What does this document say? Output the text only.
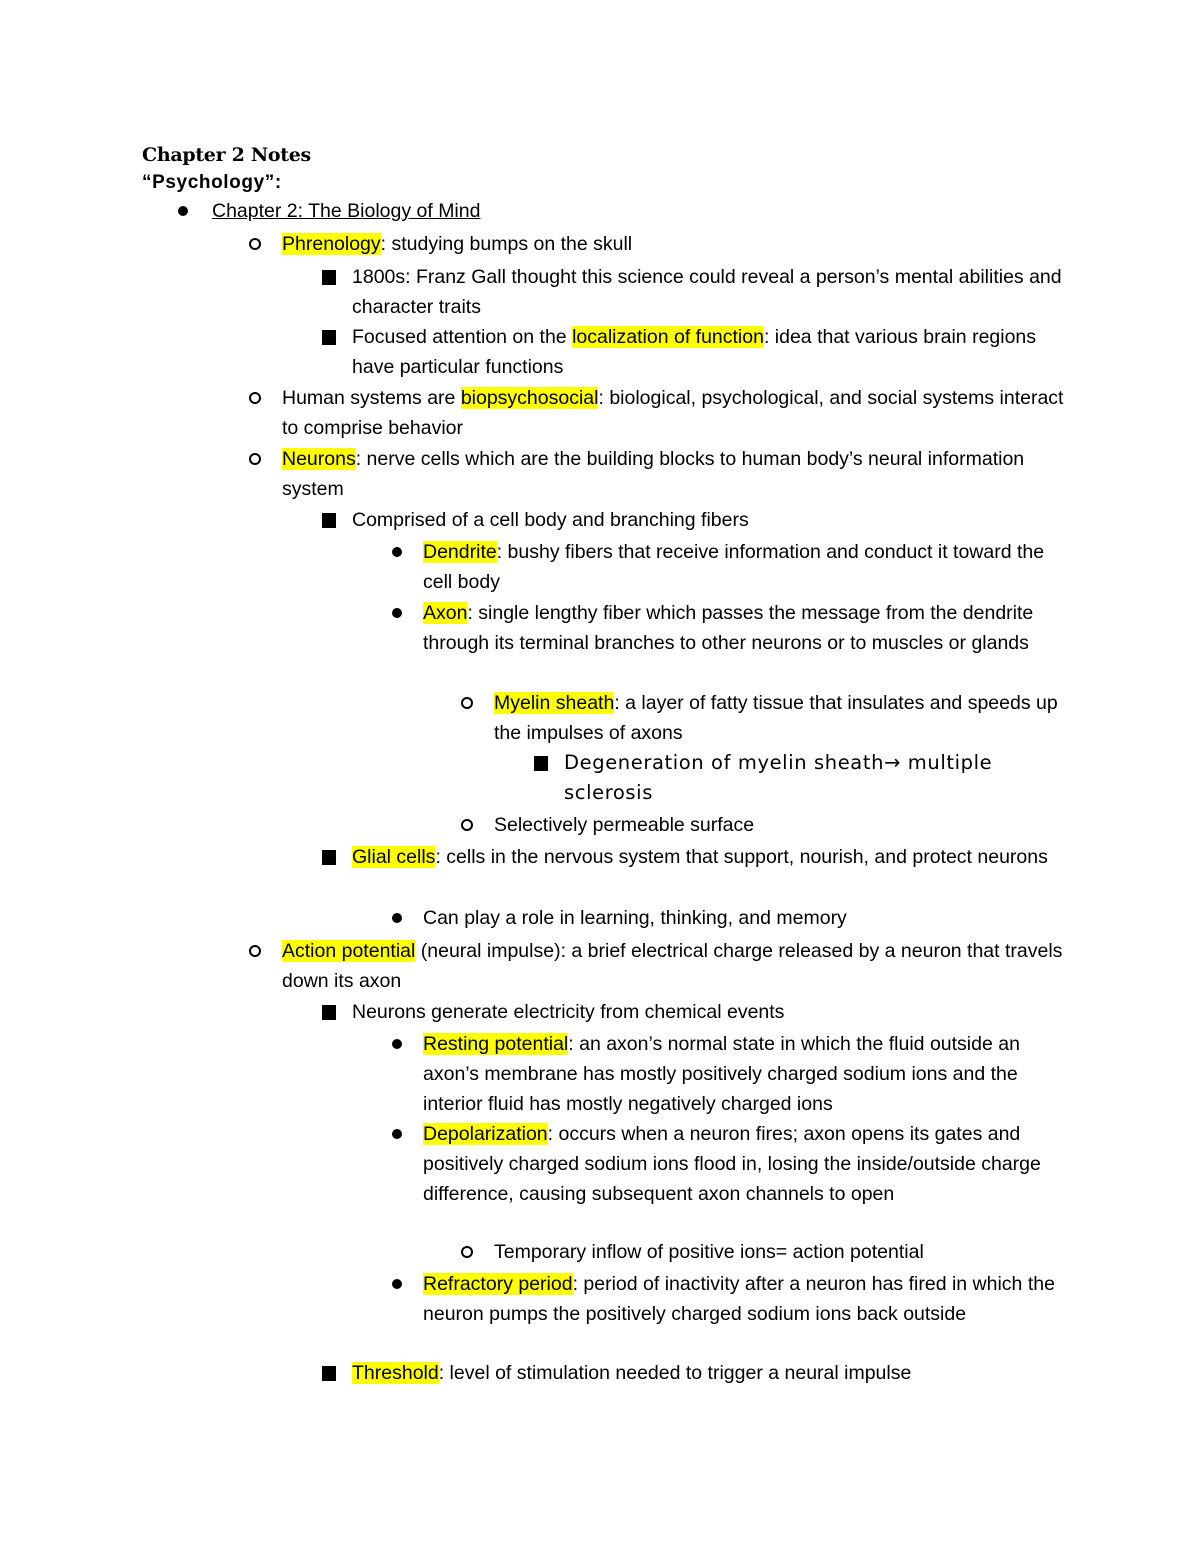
Chapter 2 Notes
“Psychology”:
Chapter 2: The Biology of Mind
Phrenology: studying bumps on the skull
1800s: Franz Gall thought this science could reveal a person’s mental abilities and character traits
Focused attention on the localization of function: idea that various brain regions have particular functions
Human systems are biopsychosocial: biological, psychological, and social systems interact to comprise behavior
Neurons: nerve cells which are the building blocks to human body’s neural information system
Comprised of a cell body and branching fibers
Dendrite: bushy fibers that receive information and conduct it toward the cell body
Axon: single lengthy fiber which passes the message from the dendrite through its terminal branches to other neurons or to muscles or glands
Myelin sheath: a layer of fatty tissue that insulates and speeds up the impulses of axons
Degeneration of myelin sheath→ multiple sclerosis
Selectively permeable surface
Glial cells: cells in the nervous system that support, nourish, and protect neurons
Can play a role in learning, thinking, and memory
Action potential (neural impulse): a brief electrical charge released by a neuron that travels down its axon
Neurons generate electricity from chemical events
Resting potential: an axon’s normal state in which the fluid outside an axon’s membrane has mostly positively charged sodium ions and the interior fluid has mostly negatively charged ions
Depolarization: occurs when a neuron fires; axon opens its gates and positively charged sodium ions flood in, losing the inside/outside charge difference, causing subsequent axon channels to open
Temporary inflow of positive ions= action potential
Refractory period: period of inactivity after a neuron has fired in which the neuron pumps the positively charged sodium ions back outside
Threshold: level of stimulation needed to trigger a neural impulse
